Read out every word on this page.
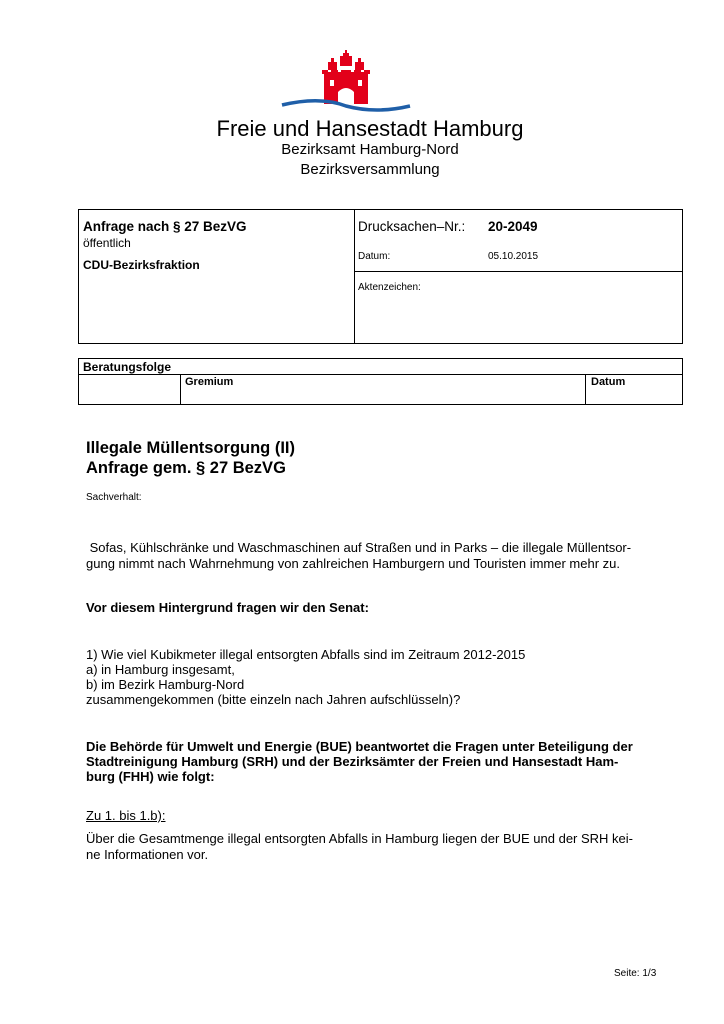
Freie und Hansestadt Hamburg
Bezirksamt Hamburg-Nord
Bezirksversammlung
Anfrage nach § 27 BezVG
öffentlich
CDU-Bezirksfraktion
Drucksachen–Nr.: 20-2049
Datum:	05.10.2015
Aktenzeichen:
Beratungsfolge
Gremium	Datum
Illegale Müllentsorgung (II)
Anfrage gem. § 27 BezVG
Sachverhalt:
Sofas, Kühlschränke und Waschmaschinen auf Straßen und in Parks – die illegale Müllentsor-
gung nimmt nach Wahrnehmung von zahlreichen Hamburgern und Touristen immer mehr zu.
Vor diesem Hintergrund fragen wir den Senat:
1) Wie viel Kubikmeter illegal entsorgten Abfalls sind im Zeitraum 2012-2015
a) in Hamburg insgesamt,
b) im Bezirk Hamburg-Nord
zusammengekommen (bitte einzeln nach Jahren aufschlüsseln)?
Die Behörde für Umwelt und Energie (BUE) beantwortet die Fragen unter Beteiligung der
Stadtreinigung Hamburg (SRH) und der Bezirksämter der Freien und Hansestadt Ham-
burg (FHH) wie folgt:
Zu 1. bis 1.b):
Über die Gesamtmenge illegal entsorgten Abfalls in Hamburg liegen der BUE und der SRH kei-
ne Informationen vor.
Seite: 1/3
